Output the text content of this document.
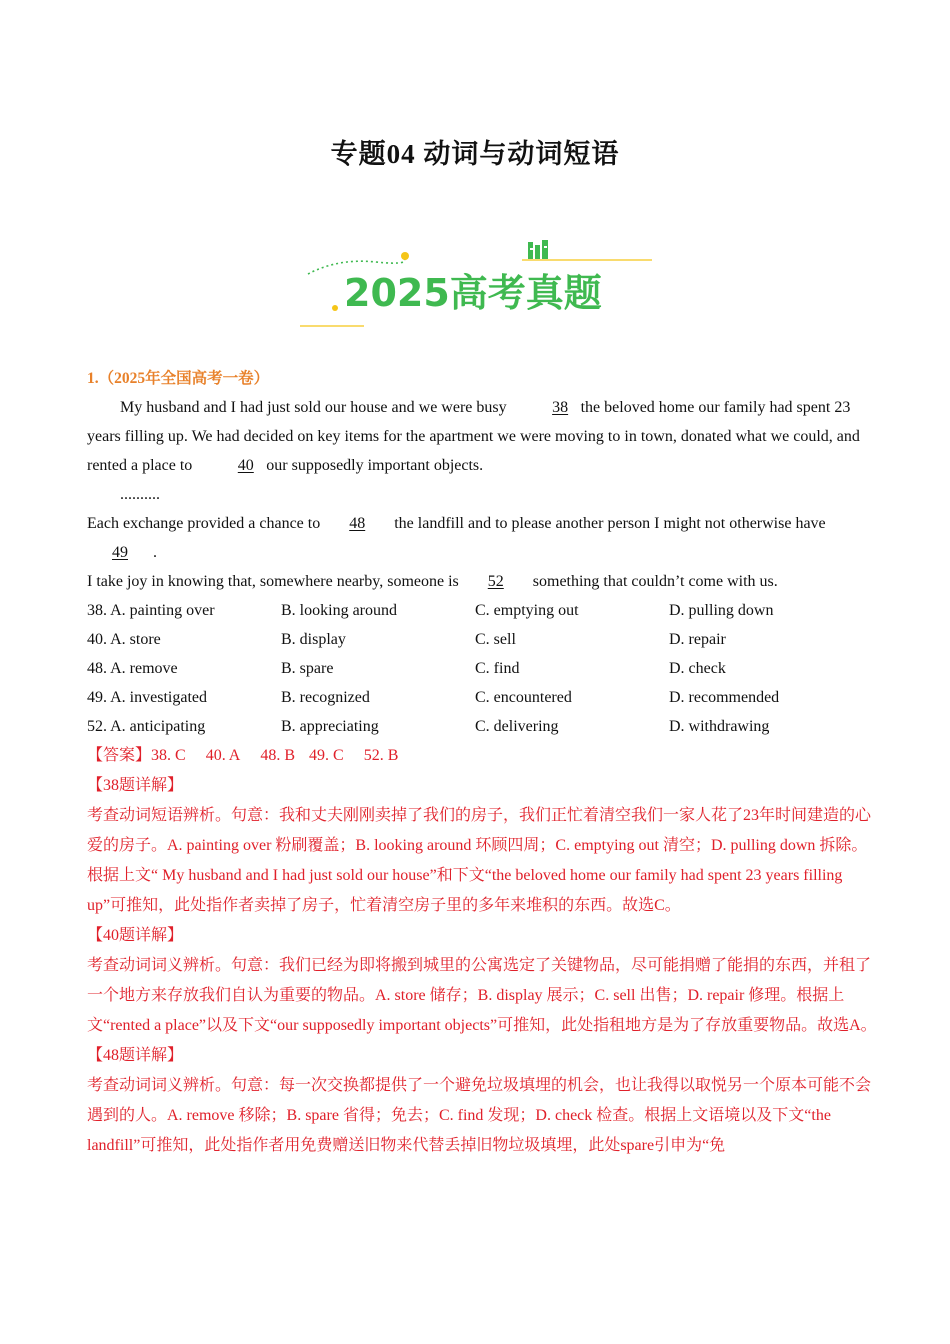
专题04 动词与动词短语
2025高考真题
1.（2025年全国高考一卷）
My husband and I had just sold our house and we were busy	38 the beloved home our family had spent 23 years filling up. We had decided on key items for the apartment we were moving to in town, donated what we could, and rented a place to	40 our supposedly important objects.
..........
Each exchange provided a chance to 48 the landfill and to please another person I might not otherwise have 49 .
I take joy in knowing that, somewhere nearby, someone is 52 something that couldn’t come with us.
38. A. painting over	B. looking around	C. emptying out	D. pulling down
40. A. store	B. display	C. sell	D. repair
48. A. remove	B. spare	C. find	D. check
49. A. investigated	B. recognized	C. encountered	D. recommended
52. A. anticipating	B. appreciating	C. delivering	D. withdrawing
【答案】38. C 40. A 48. B 49. C 52. B
【38题详解】
考查动词短语辨析。句意：我和丈夫刚刚卖掉了我们的房子，我们正忙着清空我们一家人花了23年时间建造的心爱的房子。A. painting over 粉刷覆盖；B. looking around 环顾四周；C. emptying out 清空；D. pulling down 拆除。根据上文“ My husband and I had just sold our house”和下文“the beloved home our family had spent 23 years filling up”可推知，此处指作者卖掉了房子，忙着清空房子里的多年来堆积的东西。故选C。
【40题详解】
考查动词词义辨析。句意：我们已经为即将搬到城里的公寓选定了关键物品，尽可能捐赠了能捐的东西，并租了一个地方来存放我们自认为重要的物品。A. store 储存；B. display 展示；C. sell 出售；D. repair 修理。根据上文“rented a place”以及下文“our supposedly important objects”可推知，此处指租地方是为了存放重要物品。故选A。
【48题详解】
考查动词词义辨析。句意：每一次交换都提供了一个避免垃圾填埋的机会，也让我得以取悦另一个原本可能不会遇到的人。A. remove 移除；B. spare 省得；免去；C. find 发现；D. check 检查。根据上文语境以及下文“the landfill”可推知，此处指作者用免费赠送旧物来代替丢掉旧物垃圾填埋，此处spare引申为“免
